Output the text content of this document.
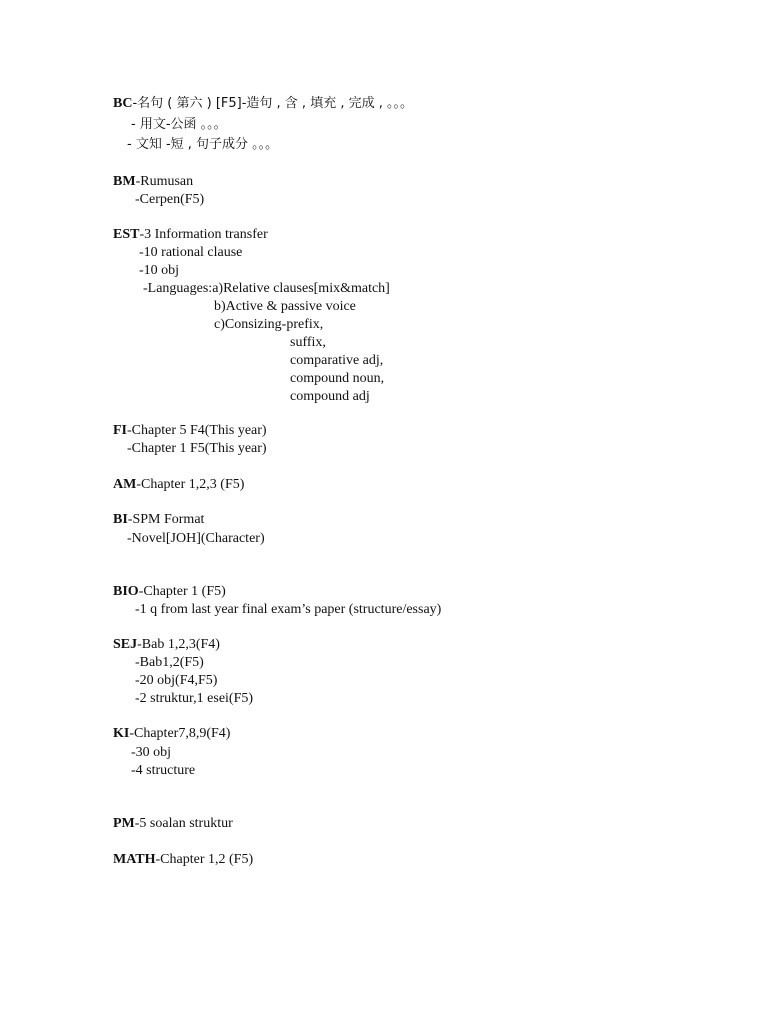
BC-名句 ( 第六 ) [F5]-造句 , 含 , 填充 , 完成 , 。。。
- 用文-公函 。。。
- 文知 -短 , 句子成分 。。。
BM-Rumusan
-Cerpen(F5)
EST-3 Information transfer
-10 rational clause
-10 obj
-Languages:a)Relative clauses[mix&match]
b)Active & passive voice
c)Consizing-prefix,
suffix,
comparative adj,
compound noun,
compound adj
FI-Chapter 5 F4(This year)
-Chapter 1 F5(This year)
AM-Chapter 1,2,3 (F5)
BI-SPM Format
-Novel[JOH](Character)
BIO-Chapter 1 (F5)
-1 q from last year final exam’s paper (structure/essay)
SEJ-Bab 1,2,3(F4)
-Bab1,2(F5)
-20 obj(F4,F5)
-2 struktur,1 esei(F5)
KI-Chapter7,8,9(F4)
-30 obj
-4 structure
PM-5 soalan struktur
MATH-Chapter 1,2 (F5)
